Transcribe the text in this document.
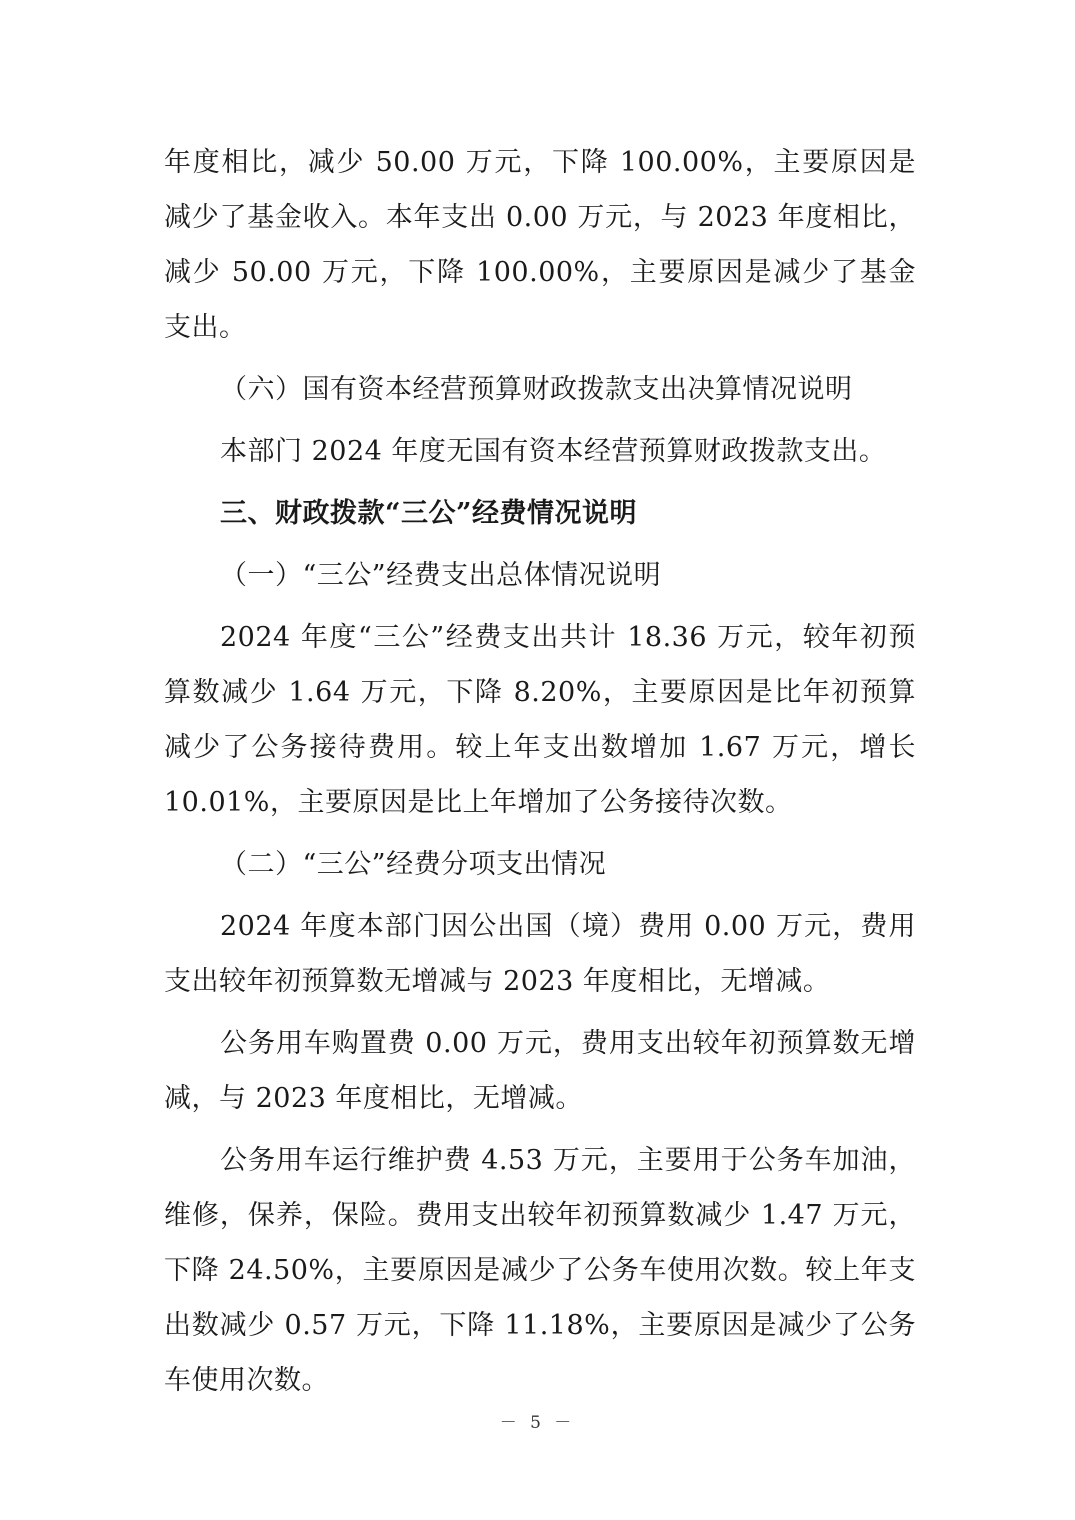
年度相比，减少 50.00 万元，下降 100.00%，主要原因是减少了基金收入。本年支出 0.00 万元，与 2023 年度相比，减少 50.00 万元，下降 100.00%，主要原因是减少了基金支出。

（六）国有资本经营预算财政拨款支出决算情况说明

本部门 2024 年度无国有资本经营预算财政拨款支出。

三、财政拨款“三公”经费情况说明

（一）“三公”经费支出总体情况说明

2024 年度“三公”经费支出共计 18.36 万元，较年初预算数减少 1.64 万元，下降 8.20%，主要原因是比年初预算减少了公务接待费用。较上年支出数增加 1.67 万元，增长 10.01%，主要原因是比上年增加了公务接待次数。

（二）“三公”经费分项支出情况

2024 年度本部门因公出国（境）费用 0.00 万元，费用支出较年初预算数无增减与 2023 年度相比，无增减。

公务用车购置费 0.00 万元，费用支出较年初预算数无增减，与 2023 年度相比，无增减。

公务用车运行维护费 4.53 万元，主要用于公务车加油，维修，保养，保险。费用支出较年初预算数减少 1.47 万元，下降 24.50%，主要原因是减少了公务车使用次数。较上年支出数减少 0.57 万元，下降 11.18%，主要原因是减少了公务车使用次数。

－ 5 －
